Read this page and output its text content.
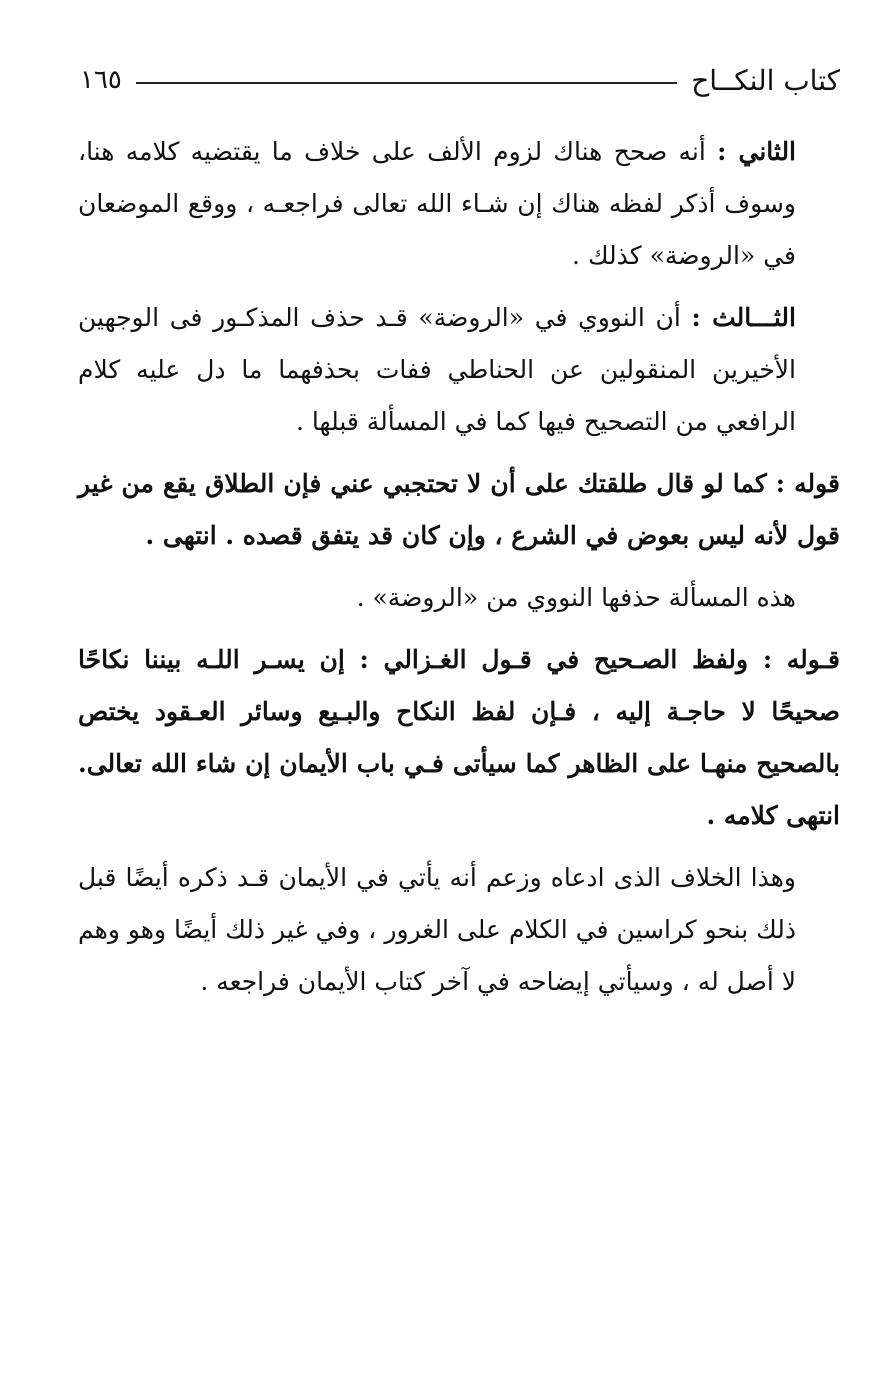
كتاب النكــاح
١٦٥

الثاني : أنه صحح هناك لزوم الألف على خلاف ما يقتضيه كلامه هنا، وسوف أذكر لفظه هناك إن شـاء الله تعالى فراجعـه ، ووقع الموضعان في «الروضة» كذلك .

الثـــالث : أن النووي في «الروضة» قـد حذف المذكـور فى الوجهين الأخيرين المنقولين عن الحناطي ففات بحذفهما ما دل عليه كلام الرافعي من التصحيح فيها كما في المسألة قبلها .

قوله : كما لو قال طلقتك على أن لا تحتجبي عني فإن الطلاق يقع من غير قول لأنه ليس بعوض في الشرع ، وإن كان قد يتفق قصده . انتهى .

هذه المسألة حذفها النووي من «الروضة» .

قـوله : ولفظ الصـحيح في قـول الغـزالي : إن يسـر اللـه بيننا نكاحًا صحيحًا لا حاجـة إليه ، فـإن لفظ النكاح والبـيع وسائر العـقود يختص بالصحيح منهـا على الظاهر كما سيأتى فـي باب الأيمان إن شاء الله تعالى. انتهى كلامه .

وهذا الخلاف الذى ادعاه وزعم أنه يأتي في الأيمان قـد ذكره أيضًا قبل ذلك بنحو كراسين في الكلام على الغرور ، وفي غير ذلك أيضًا وهو وهم لا أصل له ، وسيأتي إيضاحه في آخر كتاب الأيمان فراجعه .
